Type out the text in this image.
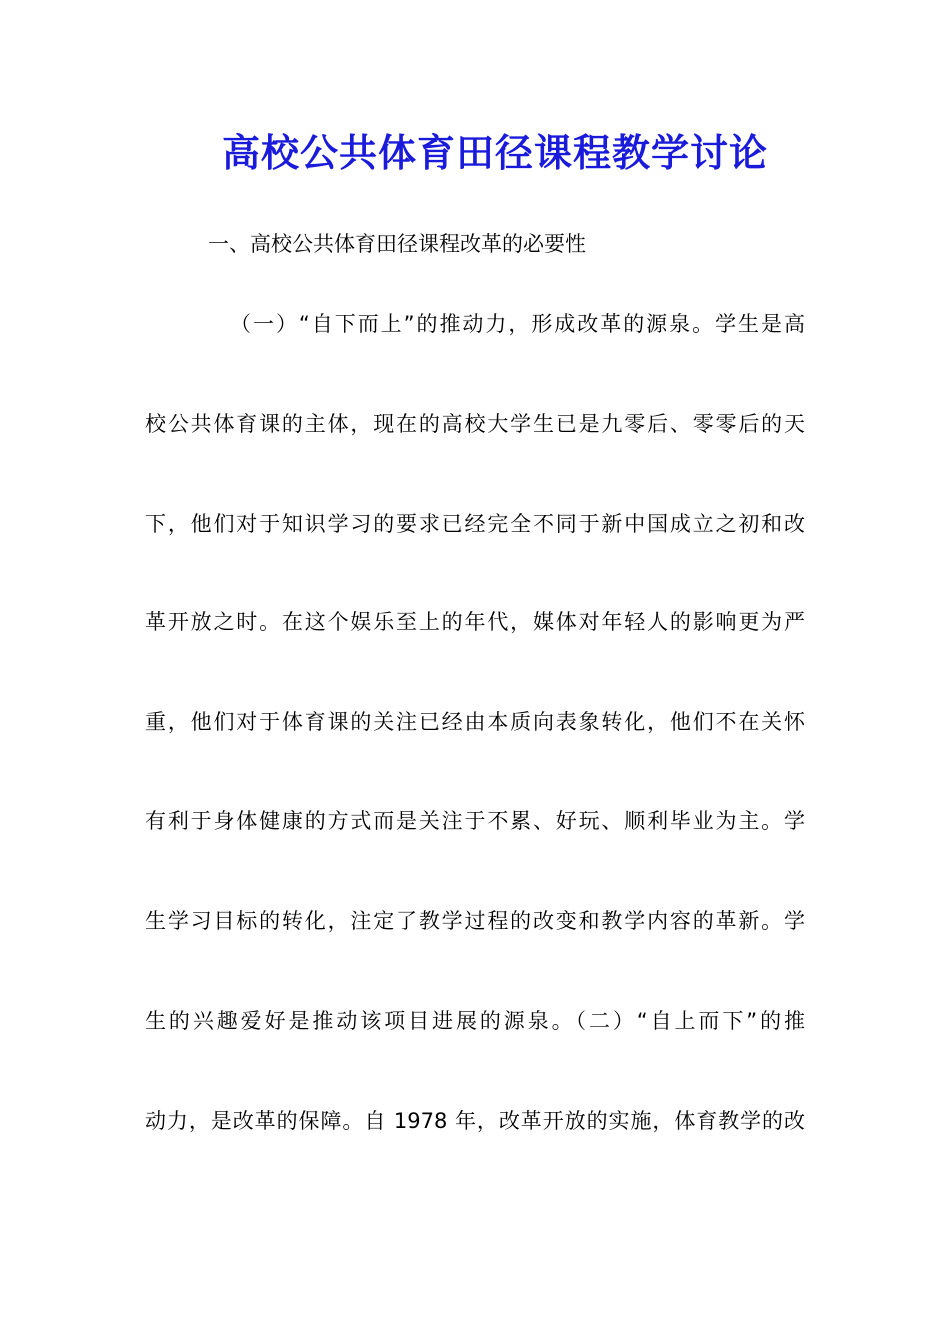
高校公共体育田径课程教学讨论
一、高校公共体育田径课程改革的必要性
（一）“自下而上”的推动力，形成改革的源泉。学生是高
校公共体育课的主体，现在的高校大学生已是九零后、零零后的天
下，他们对于知识学习的要求已经完全不同于新中国成立之初和改
革开放之时。在这个娱乐至上的年代，媒体对年轻人的影响更为严
重，他们对于体育课的关注已经由本质向表象转化，他们不在关怀
有利于身体健康的方式而是关注于不累、好玩、顺利毕业为主。学
生学习目标的转化，注定了教学过程的改变和教学内容的革新。学
生的兴趣爱好是推动该项目进展的源泉。（二）“自上而下”的推
动力，是改革的保障。自 1978 年，改革开放的实施，体育教学的改
